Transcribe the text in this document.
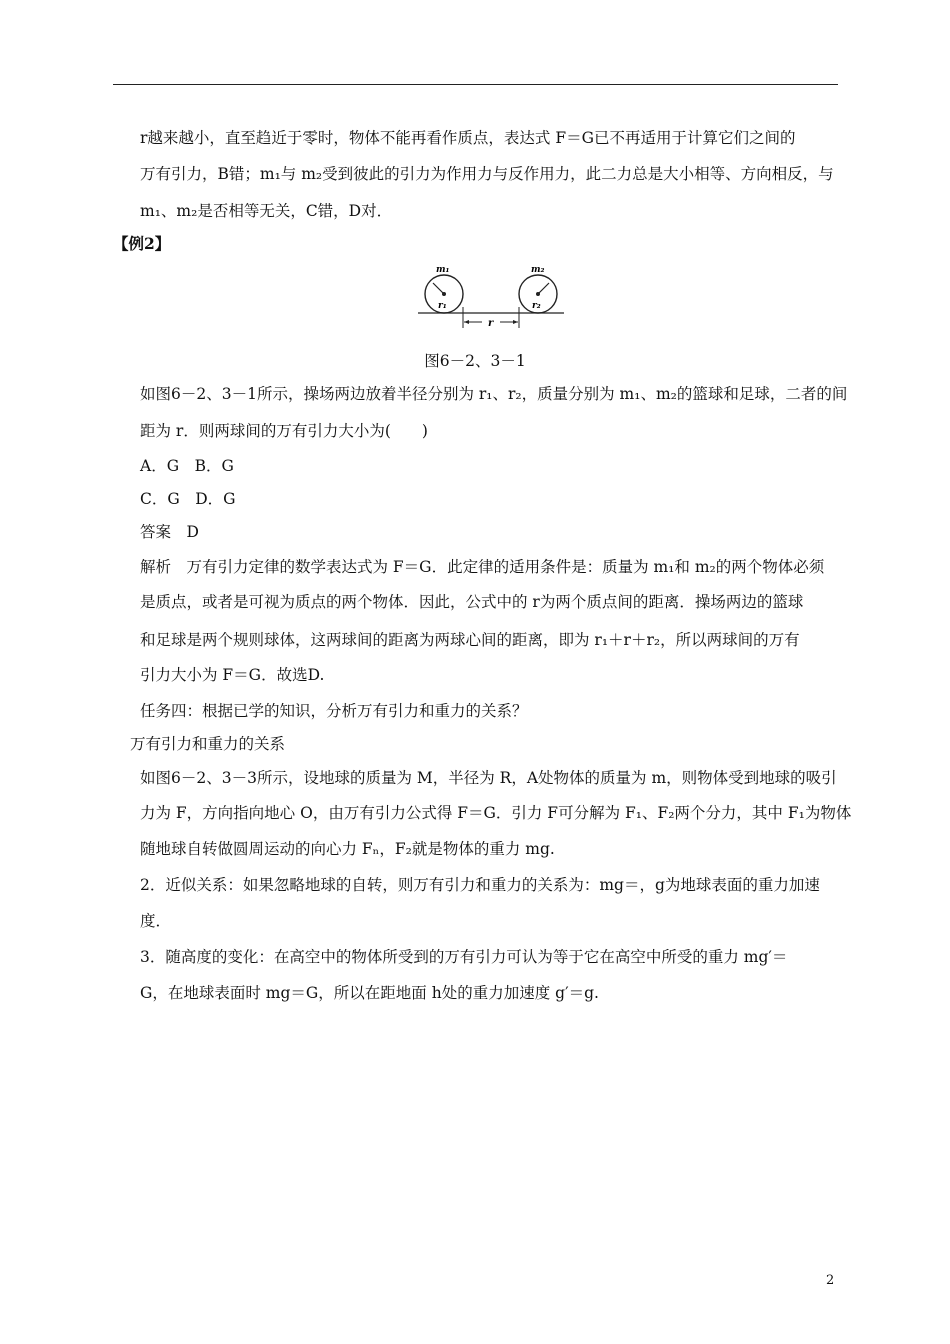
r越来越小，直至趋近于零时，物体不能再看作质点，表达式 F＝G已不再适用于计算它们之间的
万有引力，B错；m₁与 m₂受到彼此的引力为作用力与反作用力，此二力总是大小相等、方向相反，与
m₁、m₂是否相等无关，C错，D对．
【例2】
m₁	m₂
r₁	r₂
r
图6－2、3－1
如图6－2、3－1所示，操场两边放着半径分别为 r₁、r₂，质量分别为 m₁、m₂的篮球和足球，二者的间
距为 r．则两球间的万有引力大小为(　　)
A．G　B．G
C．G　D．G
答案　D
解析　万有引力定律的数学表达式为 F＝G．此定律的适用条件是：质量为 m₁和 m₂的两个物体必须
是质点，或者是可视为质点的两个物体．因此，公式中的 r为两个质点间的距离．操场两边的篮球
和足球是两个规则球体，这两球间的距离为两球心间的距离，即为 r₁＋r＋r₂，所以两球间的万有
引力大小为 F＝G．故选D.
任务四：根据已学的知识，分析万有引力和重力的关系？
万有引力和重力的关系
如图6－2、3－3所示，设地球的质量为 M，半径为 R，A处物体的质量为 m，则物体受到地球的吸引
力为 F，方向指向地心 O，由万有引力公式得 F＝G．引力 F可分解为 F₁、F₂两个分力，其中 F₁为物体
随地球自转做圆周运动的向心力 Fₙ，F₂就是物体的重力 mg.
2．近似关系：如果忽略地球的自转，则万有引力和重力的关系为：mg＝，g为地球表面的重力加速
度．
3．随高度的变化：在高空中的物体所受到的万有引力可认为等于它在高空中所受的重力 mg′＝
G，在地球表面时 mg＝G，所以在距地面 h处的重力加速度 g′＝g.
2
